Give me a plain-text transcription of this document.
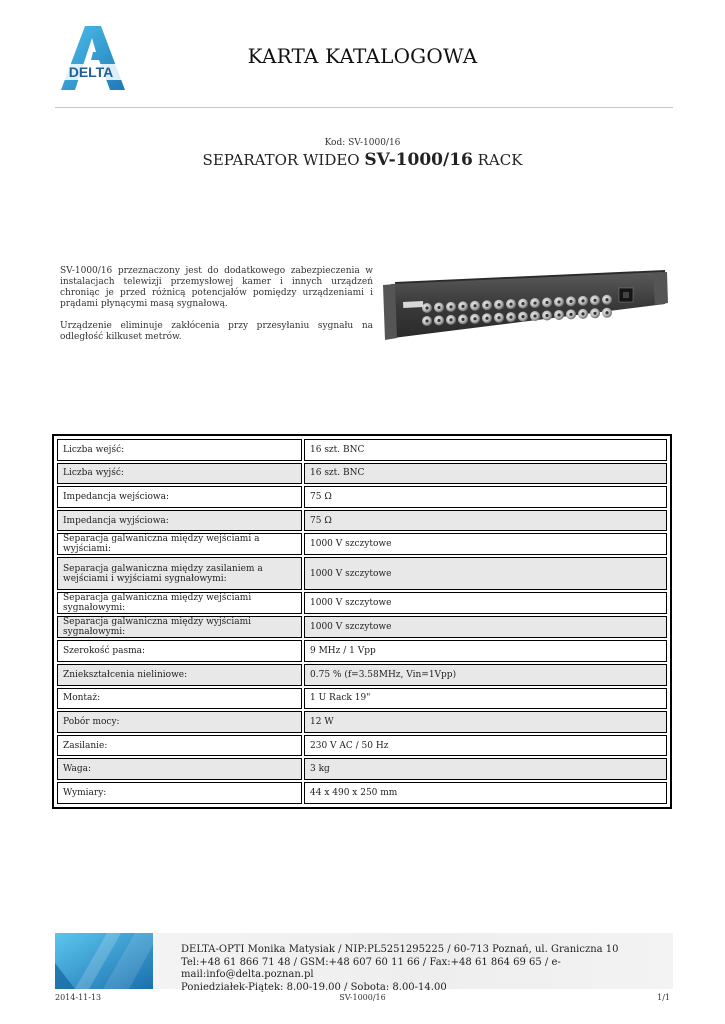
DELTA
KARTA KATALOGOWA
Kod: SV-1000/16
SEPARATOR WIDEO SV-1000/16 RACK

SV-1000/16 przeznaczony jest do dodatkowego zabezpieczenia w instalacjach telewizji przemysłowej kamer i innych urządzeń chroniąc je przed różnicą potencjałów pomiędzy urządzeniami i prądami płynącymi masą sygnałową.

Urządzenie eliminuje zakłócenia przy przesyłaniu sygnału na odległość kilkuset metrów.

Liczba wejść:	16 szt. BNC
Liczba wyjść:	16 szt. BNC
Impedancja wejściowa:	75 Ω
Impedancja wyjściowa:	75 Ω
Separacja galwaniczna między wejściami a wyjściami:	1000 V szczytowe
Separacja galwaniczna między zasilaniem a wejściami i wyjściami sygnałowymi:	1000 V szczytowe
Separacja galwaniczna między wejściami sygnałowymi:	1000 V szczytowe
Separacja galwaniczna między wyjściami sygnałowymi:	1000 V szczytowe
Szerokość pasma:	9 MHz / 1 Vpp
Zniekształcenia nieliniowe:	0.75 % (f=3.58MHz, Vin=1Vpp)
Montaż:	1 U Rack 19"
Pobór mocy:	12 W
Zasilanie:	230 V AC / 50 Hz
Waga:	3 kg
Wymiary:	44 x 490 x 250 mm
DELTA-OPTI Monika Matysiak / NIP:PL5251295225 / 60-713 Poznań, ul. Graniczna 10
Tel:+48 61 866 71 48 / GSM:+48 607 60 11 66 / Fax:+48 61 864 69 65 / e-mail:info@delta.poznan.pl
Poniedziałek-Piątek: 8.00-19.00 / Sobota: 8.00-14.00
2014-11-13	SV-1000/16	1/1
